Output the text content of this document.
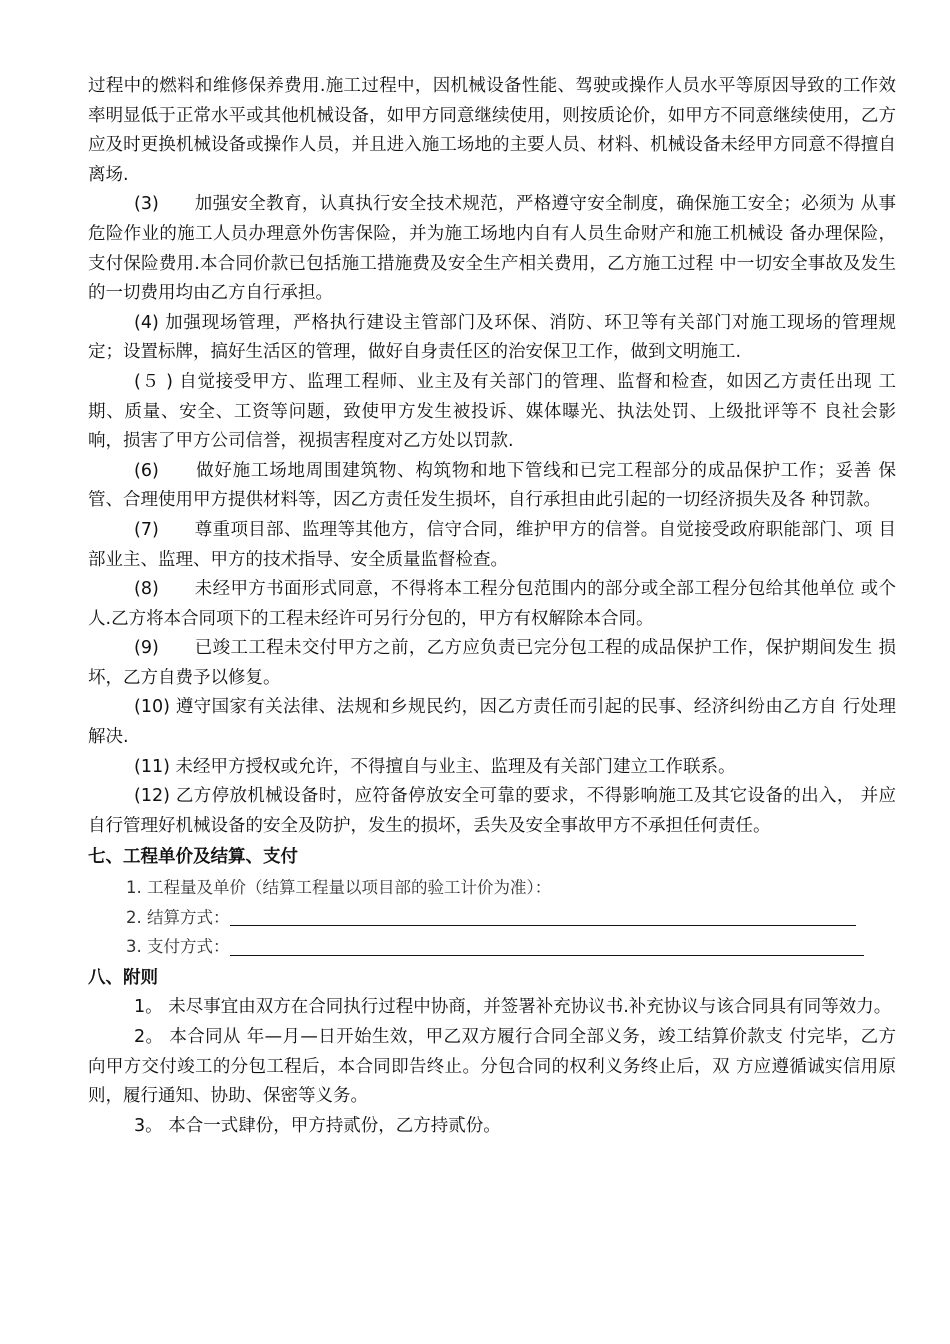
过程中的燃料和维修保养费用.施工过程中，因机械设备性能、驾驶或操作人员水平等原因导致的工作效率明显低于正常水平或其他机械设备，如甲方同意继续使用，则按质论价，如甲方不同意继续使用，乙方应及时更换机械设备或操作人员，并且进入施工场地的主要人员、材料、机械设备未经甲方同意不得擅自离场.

(3)　　加强安全教育，认真执行安全技术规范，严格遵守安全制度，确保施工安全；必须为 从事危险作业的施工人员办理意外伤害保险，并为施工场地内自有人员生命财产和施工机械设 备办理保险，支付保险费用.本合同价款已包括施工措施费及安全生产相关费用，乙方施工过程 中一切安全事故及发生的一切费用均由乙方自行承担。

(4) 加强现场管理，严格执行建设主管部门及环保、消防、环卫等有关部门对施工现场的管理规定；设置标牌，搞好生活区的管理，做好自身责任区的治安保卫工作，做到文明施工.

(５ ) 自觉接受甲方、监理工程师、业主及有关部门的管理、监督和检查，如因乙方责任出现 工期、质量、安全、工资等问题，致使甲方发生被投诉、媒体曝光、执法处罚、上级批评等不 良社会影响，损害了甲方公司信誉，视损害程度对乙方处以罚款.

(6)　　做好施工场地周围建筑物、构筑物和地下管线和已完工程部分的成品保护工作；妥善 保管、合理使用甲方提供材料等，因乙方责任发生损坏，自行承担由此引起的一切经济损失及各 种罚款。

(7)　　尊重项目部、监理等其他方，信守合同，维护甲方的信誉。自觉接受政府职能部门、项 目部业主、监理、甲方的技术指导、安全质量监督检查。

(8)　　未经甲方书面形式同意，不得将本工程分包范围内的部分或全部工程分包给其他单位 或个人.乙方将本合同项下的工程未经许可另行分包的，甲方有权解除本合同。

(9)　　已竣工工程未交付甲方之前，乙方应负责已完分包工程的成品保护工作，保护期间发生 损坏，乙方自费予以修复。

(10) 遵守国家有关法律、法规和乡规民约，因乙方责任而引起的民事、经济纠纷由乙方自 行处理解决.

(11) 未经甲方授权或允许，不得擅自与业主、监理及有关部门建立工作联系。

(12) 乙方停放机械设备时，应符备停放安全可靠的要求，不得影响施工及其它设备的出入， 并应自行管理好机械设备的安全及防护，发生的损坏，丢失及安全事故甲方不承担任何责任。

七、工程单价及结算、支付

1. 工程量及单价（结算工程量以项目部的验工计价为准）：

2. 结算方式：
3. 支付方式：

八、附则

1。 未尽事宜由双方在合同执行过程中协商，并签署补充协议书.补充协议与该合同具有同等效力。

2。 本合同从 年—月—日开始生效，甲乙双方履行合同全部义务，竣工结算价款支 付完毕，乙方向甲方交付竣工的分包工程后，本合同即告终止。分包合同的权利义务终止后，双 方应遵循诚实信用原则，履行通知、协助、保密等义务。

3。 本合一式肆份，甲方持贰份，乙方持贰份。
